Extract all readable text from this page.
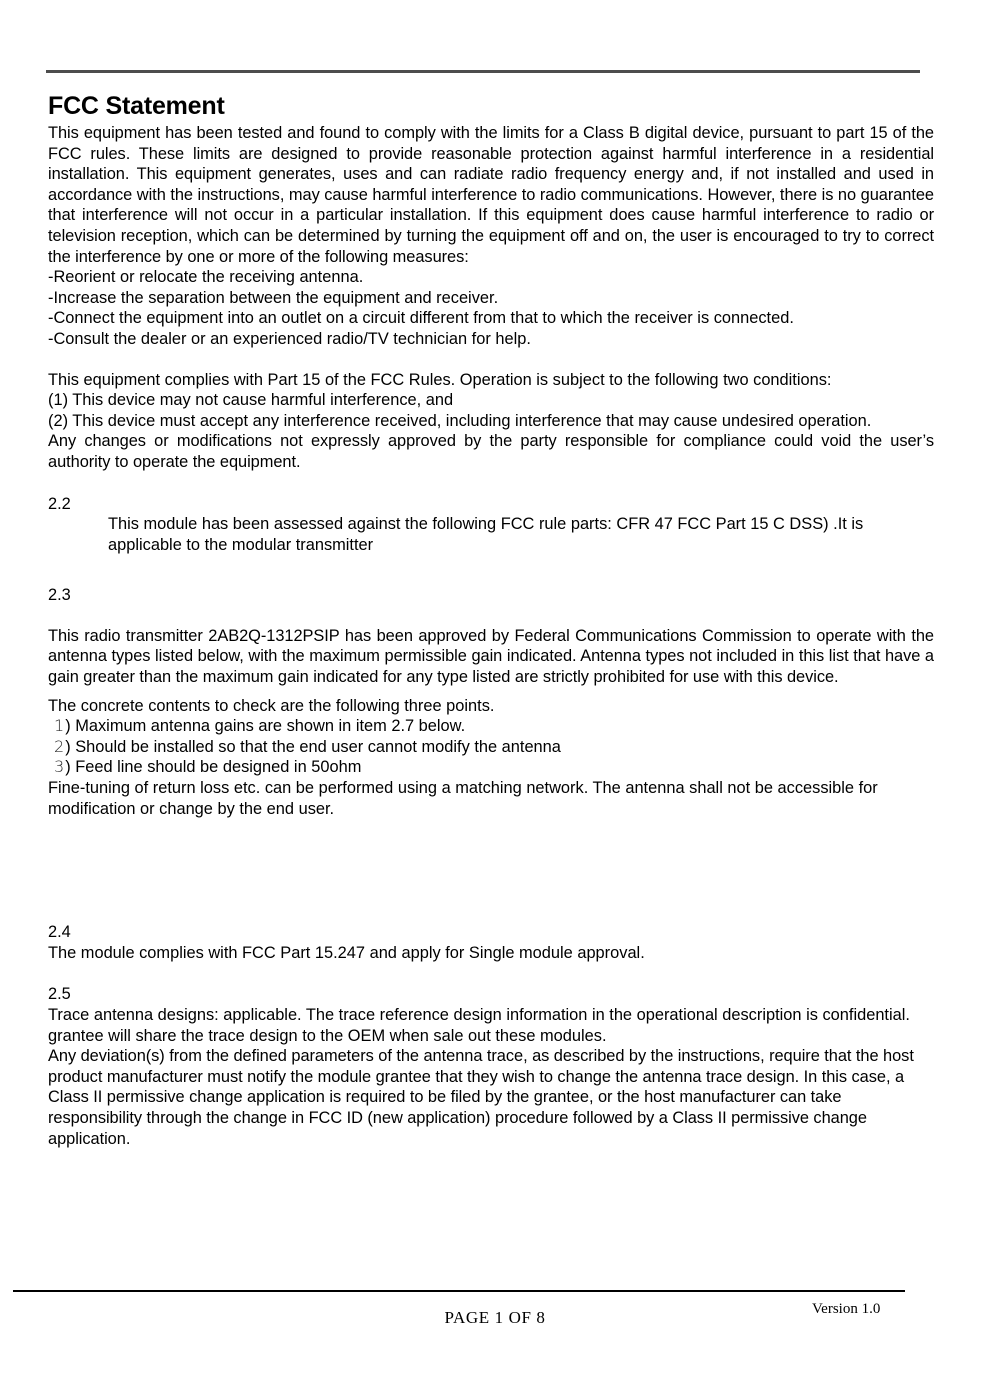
FCC Statement

This equipment has been tested and found to comply with the limits for a Class B digital device, pursuant to part 15 of the FCC rules. These limits are designed to provide reasonable protection against harmful interference in a residential installation. This equipment generates, uses and can radiate radio frequency energy and, if not installed and used in accordance with the instructions, may cause harmful interference to radio communications. However, there is no guarantee that interference will not occur in a particular installation. If this equipment does cause harmful interference to radio or television reception, which can be determined by turning the equipment off and on, the user is encouraged to try to correct the interference by one or more of the following measures:

-Reorient or relocate the receiving antenna.
-Increase the separation between the equipment and receiver.
-Connect the equipment into an outlet on a circuit different from that to which the receiver is connected.
-Consult the dealer or an experienced radio/TV technician for help.
This equipment complies with Part 15 of the FCC Rules. Operation is subject to the following two conditions:
(1) This device may not cause harmful interference, and
(2) This device must accept any interference received, including interference that may cause undesired operation.

Any changes or modifications not expressly approved by the party responsible for compliance could void the user’s authority to operate the equipment.

2.2
This module has been assessed against the following FCC rule parts: CFR 47 FCC Part 15 C DSS) .It is applicable to the modular transmitter
2.3

This radio transmitter 2AB2Q-1312PSIP has been approved by Federal Communications Commission to operate with the antenna types listed below, with the maximum permissible gain indicated. Antenna types not included in this list that have a gain greater than the maximum gain indicated for any type listed are strictly prohibited for use with this device.

The concrete contents to check are the following three points.
1) Maximum antenna gains are shown in item 2.7 below.
2) Should be installed so that the end user cannot modify the antenna
3) Feed line should be designed in 50ohm
Fine-tuning of return loss etc. can be performed using a matching network. The antenna shall not be accessible for modification or change by the end user.
2.4
The module complies with FCC Part 15.247 and apply for Single module approval.
2.5
Trace antenna designs: applicable. The trace reference design information in the operational description is confidential.
grantee will share the trace design to the OEM when sale out these modules.

Any deviation(s) from the defined parameters of the antenna trace, as described by the instructions, require that the host product manufacturer must notify the module grantee that they wish to change the antenna trace design. In this case, a Class II permissive change application is required to be filed by the grantee, or the host manufacturer can take responsibility through the change in FCC ID (new application) procedure followed by a Class II permissive change application.

PAGE 1 OF 8	Version 1.0
